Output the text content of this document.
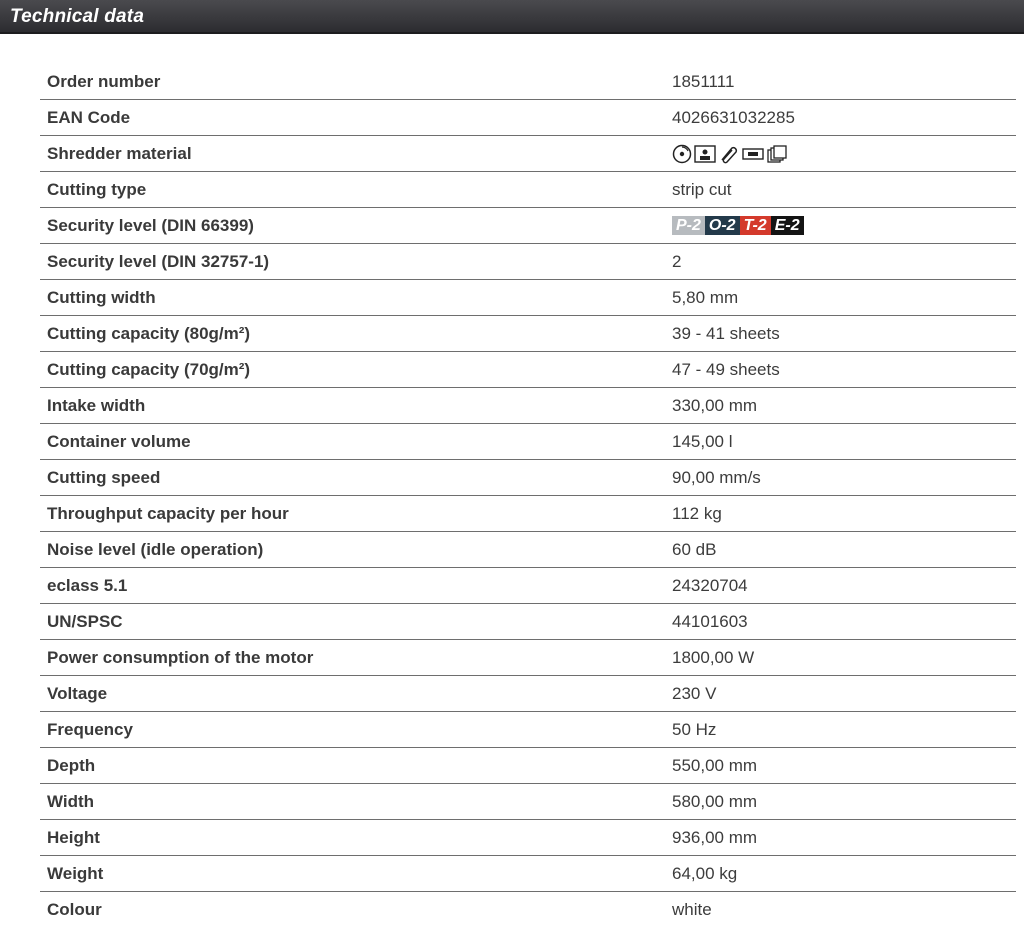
Technical data
Order number	1851111
EAN Code	4026631032285
Shredder material
Cutting type	strip cut
Security level (DIN 66399)	P-2 O-2 T-2 E-2
Security level (DIN 32757-1)	2
Cutting width	5,80 mm
Cutting capacity (80g/m²)	39 - 41 sheets
Cutting capacity (70g/m²)	47 - 49 sheets
Intake width	330,00 mm
Container volume	145,00 l
Cutting speed	90,00 mm/s
Throughput capacity per hour	112 kg
Noise level (idle operation)	60 dB
eclass 5.1	24320704
UN/SPSC	44101603
Power consumption of the motor	1800,00 W
Voltage	230 V
Frequency	50 Hz
Depth	550,00 mm
Width	580,00 mm
Height	936,00 mm
Weight	64,00 kg
Colour	white
